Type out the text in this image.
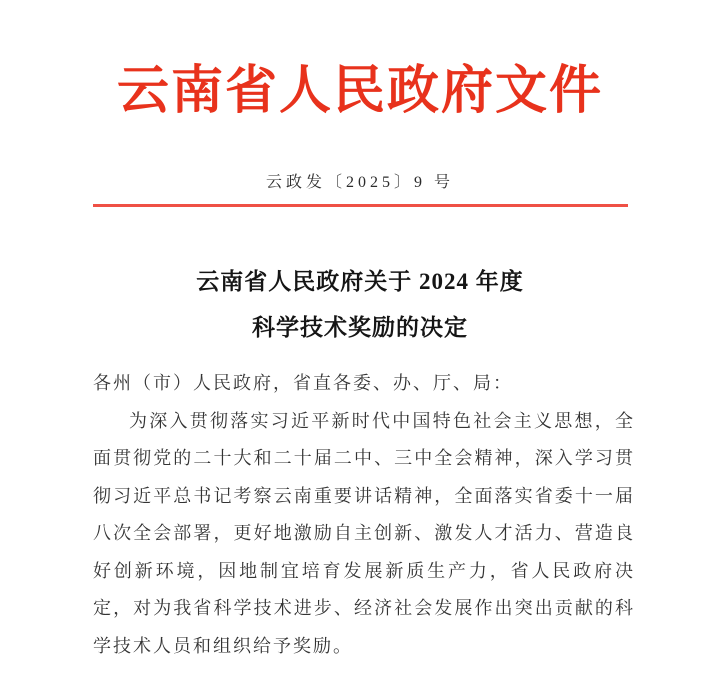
云南省人民政府文件
云政发〔2025〕9 号
云南省人民政府关于 2024 年度
科学技术奖励的决定

各州（市）人民政府，省直各委、办、厅、局：

为深入贯彻落实习近平新时代中国特色社会主义思想，全面贯彻党的二十大和二十届二中、三中全会精神，深入学习贯彻习近平总书记考察云南重要讲话精神，全面落实省委十一届八次全会部署，更好地激励自主创新、激发人才活力、营造良好创新环境，因地制宜培育发展新质生产力，省人民政府决定，对为我省科学技术进步、经济社会发展作出突出贡献的科学技术人员和组织给予奖励。
